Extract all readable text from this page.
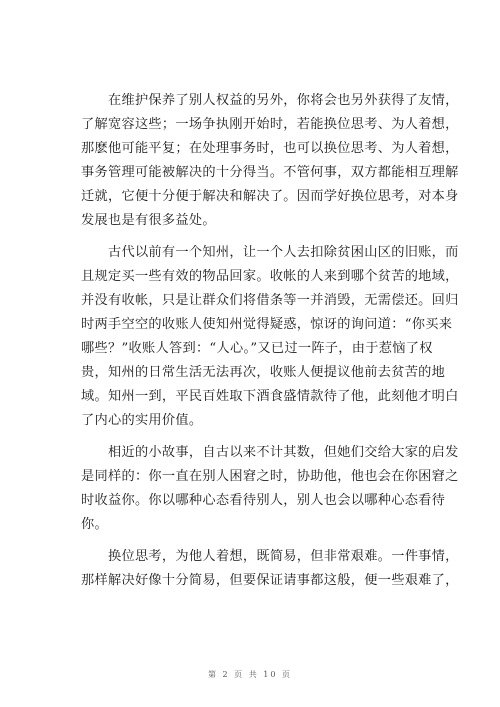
　　在维护保养了别人权益的另外，你将会也另外获得了友情，
了解宽容这些；一场争执刚开始时，若能换位思考、为人着想，
那麽他可能平复；在处理事务时，也可以换位思考、为人着想，
事务管理可能被解决的十分得当。不管何事，双方都能相互理解
迁就，它便十分便于解决和解决了。因而学好换位思考，对本身
发展也是有很多益处。
　　古代以前有一个知州，让一个人去扣除贫困山区的旧账，而
且规定买一些有效的物品回家。收帐的人来到哪个贫苦的地域，
并没有收帐，只是让群众们将借条等一并消毁，无需偿还。回归
时两手空空的收账人使知州觉得疑惑，惊讶的询问道：“你买来
哪些？”收账人答到：“人心。”又已过一阵子，由于惹恼了权
贵，知州的日常生活无法再次，收账人便提议他前去贫苦的地
域。知州一到，平民百姓取下酒食盛情款待了他，此刻他才明白
了内心的实用价值。
　　相近的小故事，自古以来不计其数，但她们交给大家的启发
是同样的：你一直在别人困窘之时，协助他，他也会在你困窘之
时收益你。你以哪种心态看待别人，别人也会以哪种心态看待
你。
　　换位思考，为他人着想，既简易，但非常艰难。一件事情，
那样解决好像十分简易，但要保证请事都这般，便一些艰难了，
第 2 页 共 10 页
